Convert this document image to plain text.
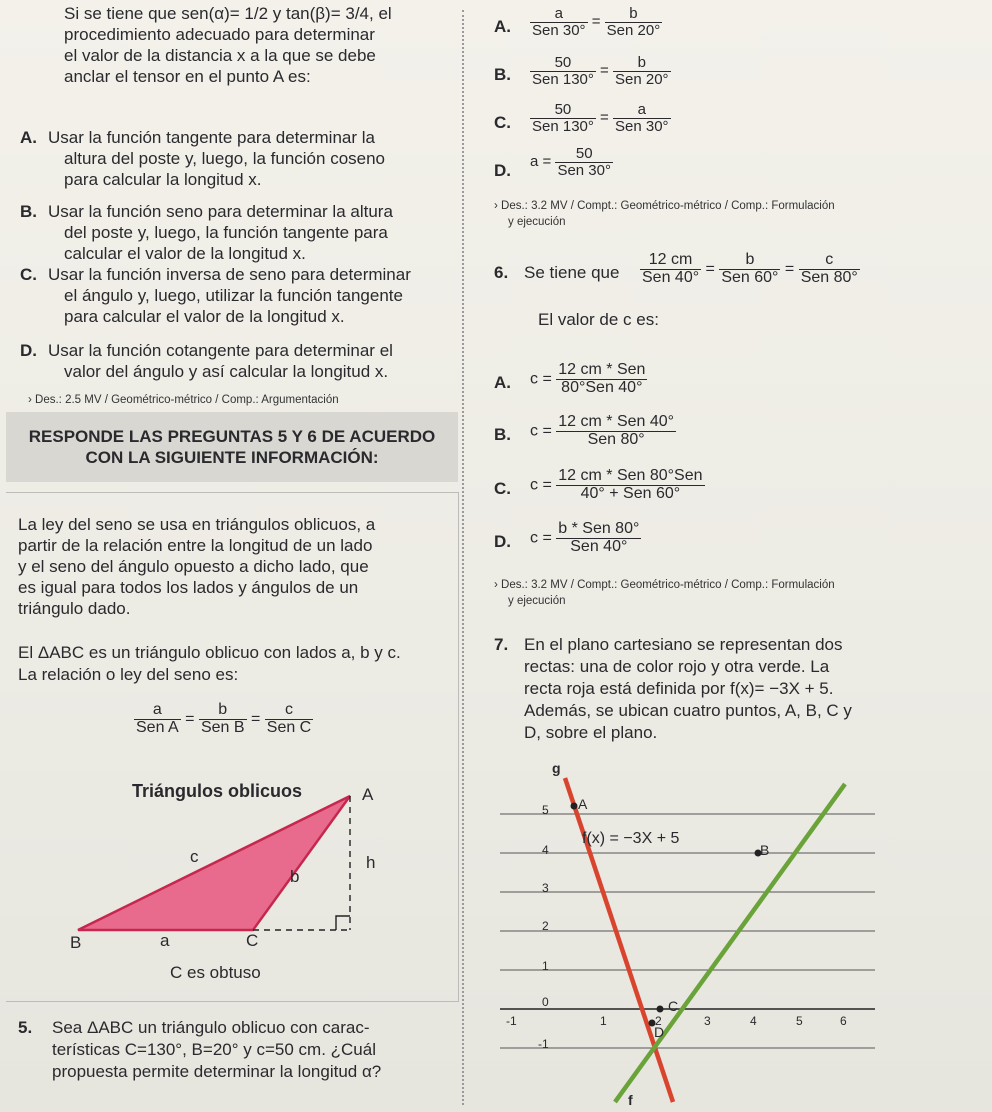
Si se tiene que sen(α)= 1/2 y tan(β)= 3/4, el
procedimiento adecuado para determinar
el valor de la distancia x a la que se debe
anclar el tensor en el punto A es:
A. Usar la función tangente para determinar la
altura del poste y, luego, la función coseno
para calcular la longitud x.
B. Usar la función seno para determinar la altura
del poste y, luego, la función tangente para
calcular el valor de la longitud x.
C. Usar la función inversa de seno para determinar
el ángulo y, luego, utilizar la función tangente
para calcular el valor de la longitud x.
D. Usar la función cotangente para determinar el
valor del ángulo y así calcular la longitud x.
› Des.: 2.5 MV / Geométrico-métrico / Comp.: Argumentación
RESPONDE LAS PREGUNTAS 5 Y 6 DE ACUERDO
CON LA SIGUIENTE INFORMACIÓN:
La ley del seno se usa en triángulos oblicuos, a
partir de la relación entre la longitud de un lado
y el seno del ángulo opuesto a dicho lado, que
es igual para todos los lados y ángulos de un
triángulo dado.
El ΔABC es un triángulo oblicuo con lados a, b y c.
La relación o ley del seno es:
$\frac{a}{\text{Sen A}} = \frac{b}{\text{Sen B}} = \frac{c}{\text{Sen C}}$
Triángulos oblicuos	A
B	C
a
b
c	h
C es obtuso
5. Sea ΔABC un triángulo oblicuo con carac-
terísticas C=130°, B=20° y c=50 cm. ¿Cuál
propuesta permite determinar la longitud α?
A. $\frac{a}{\text{Sen 30°}} = \frac{b}{\text{Sen 20°}}$
B. $\frac{50}{\text{Sen 130°}} = \frac{b}{\text{Sen 20°}}$
C. $\frac{50}{\text{Sen 130°}} = \frac{a}{\text{Sen 30°}}$
D. $a = \frac{50}{\text{Sen 30°}}$
› Des.: 3.2 MV / Compt.: Geométrico-métrico / Comp.: Formulación
y ejecución
6. Se tiene que $\frac{12 cm}{\text{Sen 40°}} = \frac{b}{\text{Sen 60°}} = \frac{c}{\text{Sen 80°}}$
El valor de c es:
A. $c = \frac{\text{12 cm * Sen}}{\text{80°Sen 40°}}$
B. $c = \frac{\text{12 cm * Sen 40°}}{\text{Sen 80°}}$
C. $c = \frac{\text{12 cm * Sen 80°Sen}}{\text{40° + Sen 60°}}$
D. $c = \frac{\text{b * Sen 80°}}{\text{Sen 40°}}$
› Des.: 3.2 MV / Compt.: Geométrico-métrico / Comp.: Formulación
y ejecución
7. En el plano cartesiano se representan dos
rectas: una de color rojo y otra verde. La
recta roja está definida por f(x)= −3X + 5.
Además, se ubican cuatro puntos, A, B, C y
D, sobre el plano.
g
f
f(x) = −3X + 5
A
B
C
D
5
4
3
2
1
0
-1
-1	1	2	3	4	5	6
